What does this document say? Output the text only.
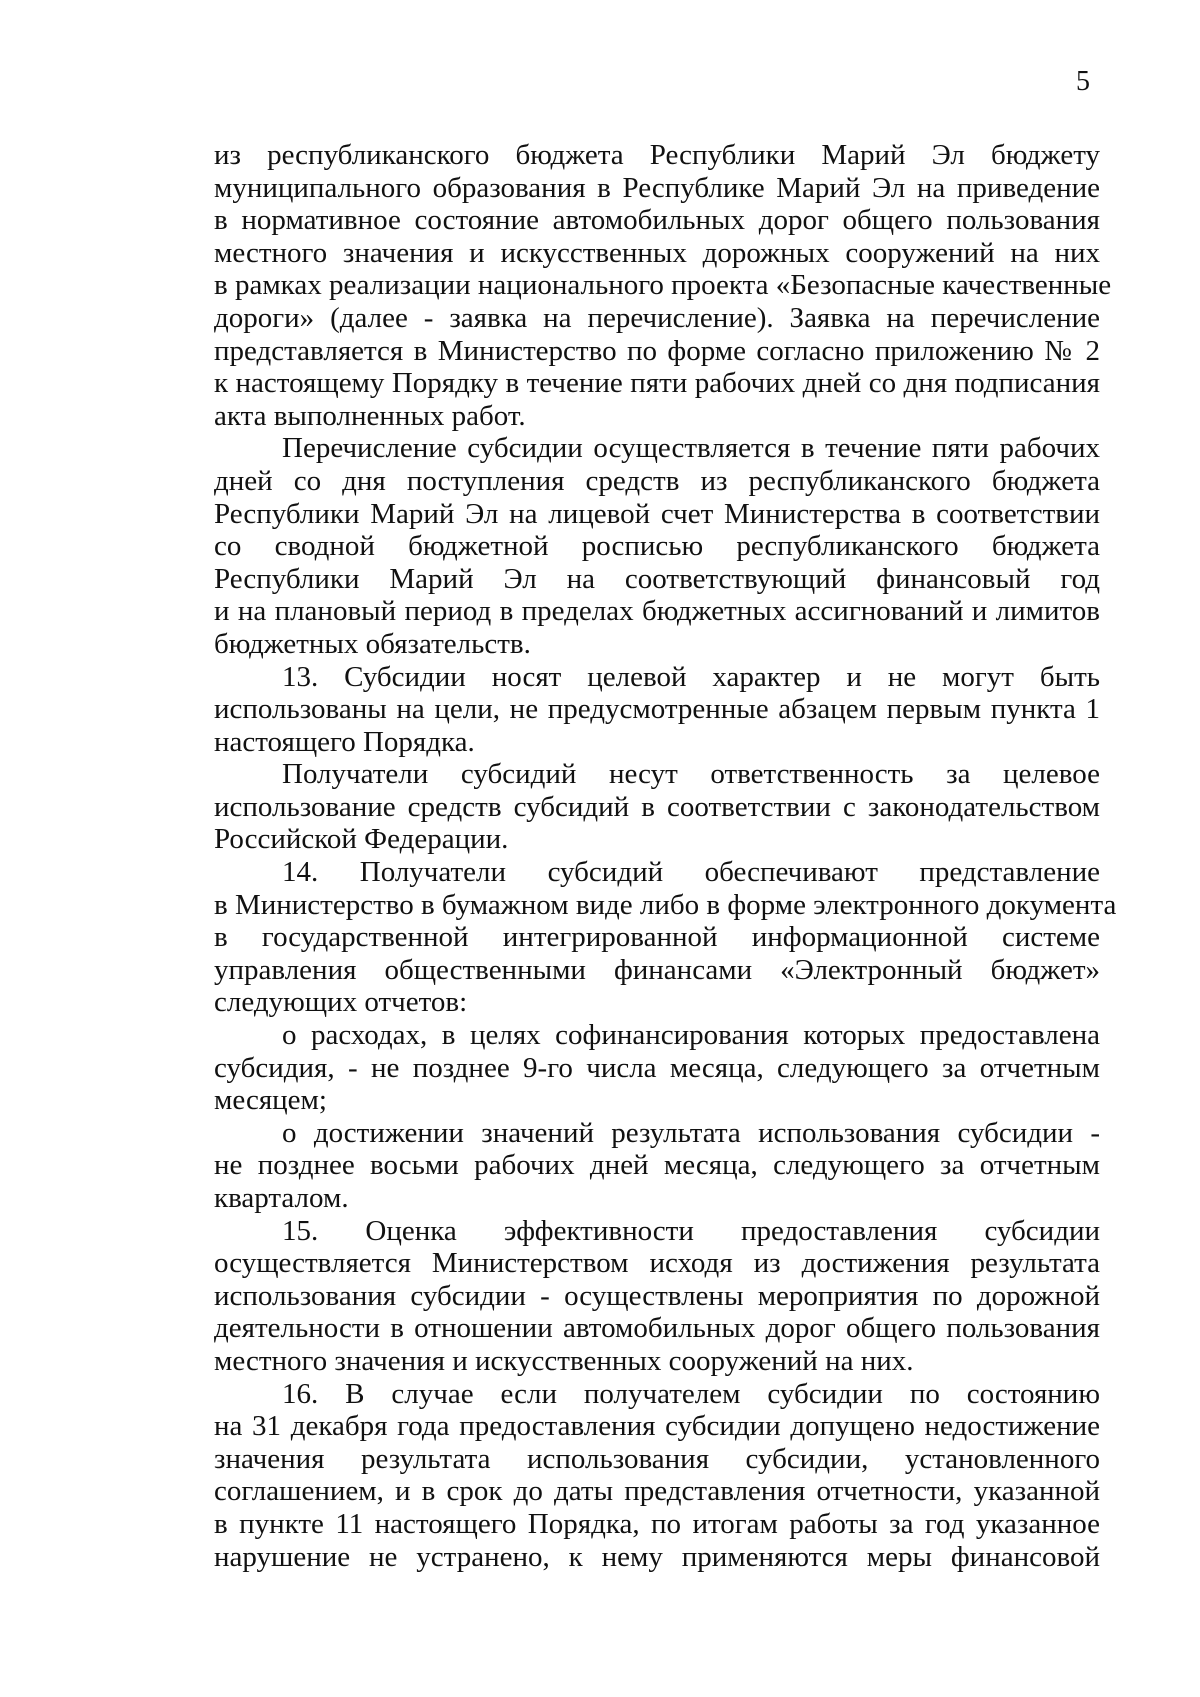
5
из республиканского бюджета Республики Марий Эл бюджету
муниципального образования в Республике Марий Эл на приведение
в нормативное состояние автомобильных дорог общего пользования
местного значения и искусственных дорожных сооружений на них
в рамках реализации национального проекта «Безопасные качественные
дороги» (далее - заявка на перечисление). Заявка на перечисление
представляется в Министерство по форме согласно приложению № 2
к настоящему Порядку в течение пяти рабочих дней со дня подписания
акта выполненных работ.
Перечисление субсидии осуществляется в течение пяти рабочих
дней со дня поступления средств из республиканского бюджета
Республики Марий Эл на лицевой счет Министерства в соответствии
со сводной бюджетной росписью республиканского бюджета
Республики Марий Эл на соответствующий финансовый год
и на плановый период в пределах бюджетных ассигнований и лимитов
бюджетных обязательств.
13. Субсидии носят целевой характер и не могут быть
использованы на цели, не предусмотренные абзацем первым пункта 1
настоящего Порядка.
Получатели субсидий несут ответственность за целевое
использование средств субсидий в соответствии с законодательством
Российской Федерации.
14. Получатели субсидий обеспечивают представление
в Министерство в бумажном виде либо в форме электронного документа
в государственной интегрированной информационной системе
управления общественными финансами «Электронный бюджет»
следующих отчетов:
о расходах, в целях софинансирования которых предоставлена
субсидия, - не позднее 9-го числа месяца, следующего за отчетным
месяцем;
о достижении значений результата использования субсидии -
не позднее восьми рабочих дней месяца, следующего за отчетным
кварталом.
15. Оценка эффективности предоставления субсидии
осуществляется Министерством исходя из достижения результата
использования субсидии - осуществлены мероприятия по дорожной
деятельности в отношении автомобильных дорог общего пользования
местного значения и искусственных сооружений на них.
16. В случае если получателем субсидии по состоянию
на 31 декабря года предоставления субсидии допущено недостижение
значения результата использования субсидии, установленного
соглашением, и в срок до даты представления отчетности, указанной
в пункте 11 настоящего Порядка, по итогам работы за год указанное
нарушение не устранено, к нему применяются меры финансовой
